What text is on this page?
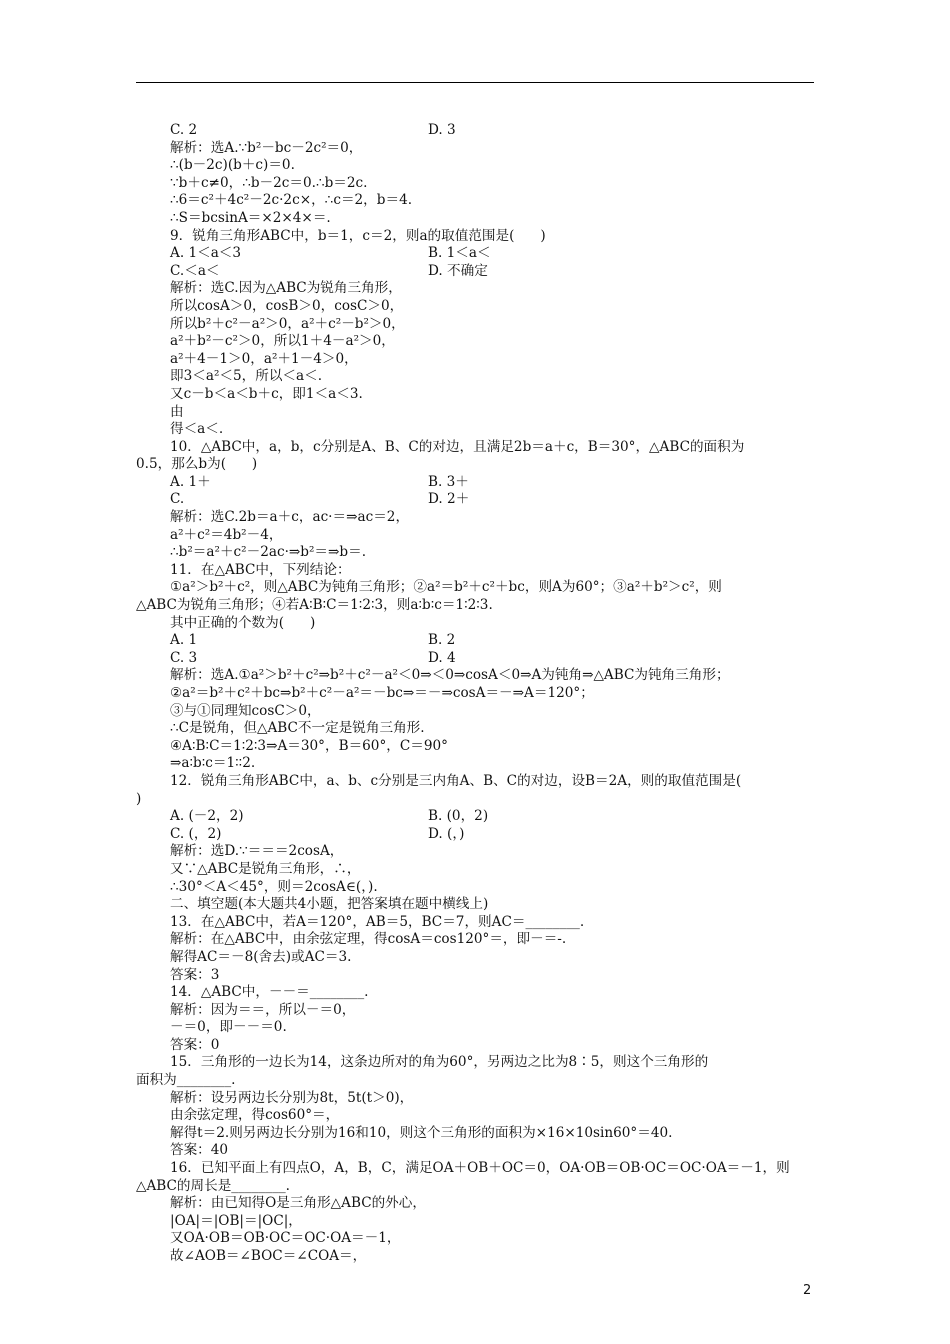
C. 2	D. 3
解析：选A.∵b²－bc－2c²＝0，
∴(b－2c)(b＋c)＝0.
∵b＋c≠0，∴b－2c＝0.∴b＝2c.
∴6＝c²＋4c²－2c·2c×，∴c＝2，b＝4.
∴S＝bcsinA＝×2×4×＝.
9．锐角三角形ABC中，b＝1，c＝2，则a的取值范围是(      )
A. 1＜a＜3	B. 1＜a＜
C.＜a＜	D. 不确定
解析：选C.因为△ABC为锐角三角形，
所以cosA＞0，cosB＞0，cosC＞0，
所以b²＋c²－a²＞0，a²＋c²－b²＞0，
a²＋b²－c²＞0，所以1＋4－a²＞0，
a²＋4－1＞0，a²＋1－4＞0，
即3＜a²＜5，所以＜a＜.
又c－b＜a＜b＋c，即1＜a＜3.
由
得＜a＜.
10．△ABC中，a，b，c分别是A、B、C的对边，且满足2b＝a＋c，B＝30°，△ABC的面积为
0.5，那么b为(      )
A. 1＋	B. 3＋
C.	D. 2＋
解析：选C.2b＝a＋c，ac·＝⇒ac＝2，
a²＋c²＝4b²－4，
∴b²＝a²＋c²－2ac·⇒b²＝⇒b＝.
11．在△ABC中，下列结论：
①a²＞b²＋c²，则△ABC为钝角三角形；②a²＝b²＋c²＋bc，则A为60°；③a²＋b²＞c²，则
△ABC为锐角三角形；④若A∶B∶C＝1∶2∶3，则a∶b∶c＝1∶2∶3.
其中正确的个数为(      )
A. 1	B. 2
C. 3	D. 4
解析：选A.①a²＞b²＋c²⇒b²＋c²－a²＜0⇒＜0⇒cosA＜0⇒A为钝角⇒△ABC为钝角三角形；
②a²＝b²＋c²＋bc⇒b²＋c²－a²＝－bc⇒＝－⇒cosA＝－⇒A＝120°；
③与①同理知cosC＞0，
∴C是锐角，但△ABC不一定是锐角三角形.
④A∶B∶C＝1∶2∶3⇒A＝30°，B＝60°，C＝90°
⇒a∶b∶c＝1∶∶2.
12．锐角三角形ABC中，a、b、c分别是三内角A、B、C的对边，设B＝2A，则的取值范围是(
)
A. (－2，2)	B. (0，2)
C. (，2)	D. (，)
解析：选D.∵＝＝＝2cosA，
又∵△ABC是锐角三角形，∴，
∴30°＜A＜45°，则＝2cosA∈(，).
二、填空题(本大题共4小题，把答案填在题中横线上)
13．在△ABC中，若A＝120°，AB＝5，BC＝7，则AC＝________.
解析：在△ABC中，由余弦定理，得cosA＝cos120°＝，即－＝-.
解得AC＝－8(舍去)或AC＝3.
答案：3
14．△ABC中，－－＝________.
解析：因为＝＝，所以－＝0，
－＝0，即－－＝0.
答案：0
15．三角形的一边长为14，这条边所对的角为60°，另两边之比为8∶5，则这个三角形的
面积为________.
解析：设另两边长分别为8t，5t(t＞0)，
由余弦定理，得cos60°＝，
解得t＝2.则另两边长分别为16和10，则这个三角形的面积为×16×10sin60°＝40.
答案：40
16．已知平面上有四点O，A，B，C，满足OA＋OB＋OC＝0，OA·OB＝OB·OC＝OC·OA＝－1，则
△ABC的周长是________.
解析：由已知得O是三角形△ABC的外心，
|OA|＝|OB|＝|OC|，
又OA·OB＝OB·OC＝OC·OA＝－1，
故∠AOB＝∠BOC＝∠COA＝，
2
